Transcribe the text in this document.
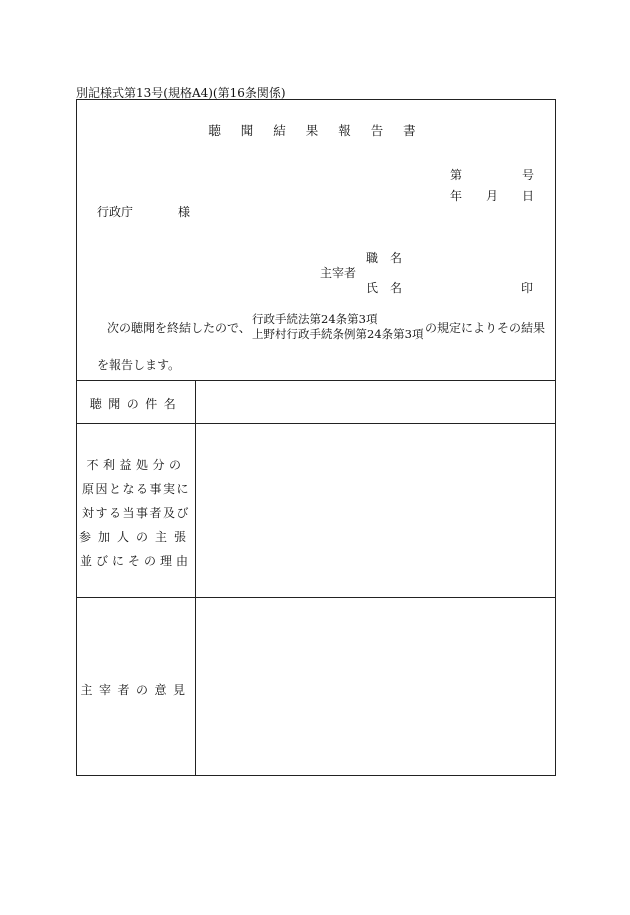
別記様式第13号(規格A4)(第16条関係)
聴 聞 結 果 報 告 書
第	号
年 月 日
行政庁	様
職　名
主宰者
氏　名	印
次の聴聞を終結したので、
行政手続法第24条第3項
上野村行政手続条例第24条第3項 の規定によりその結果
を報告します。
聴聞の件名
不利益処分の
原因となる事実に
対する当事者及び
参加人の主張
並びにその理由
主宰者の意見
